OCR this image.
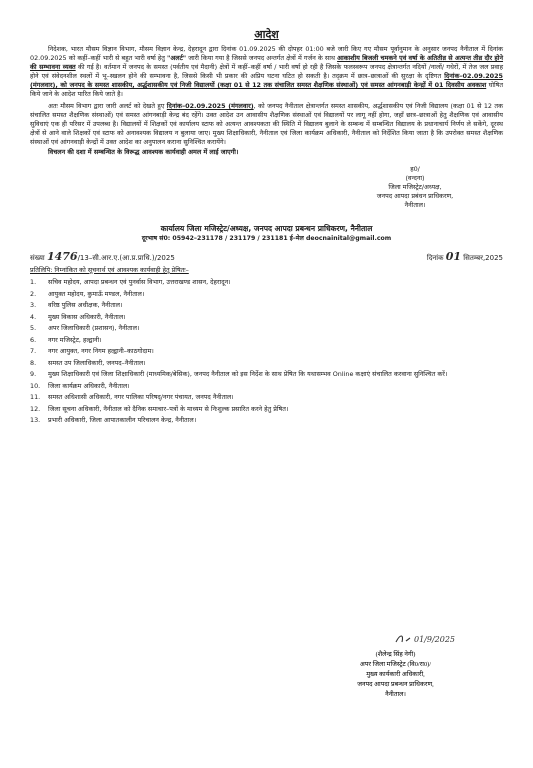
आदेश

निदेशक, भारत मौसम विज्ञान विभाग, मौसम विज्ञान केन्द्र, देहरादून द्वारा दिनांक 01.09.2025 की दोपहर 01:00 बजे जारी किए गए मौसम पूर्वानुमान के अनुसार जनपद नैनीताल में दिनांक 02.09.2025 को कहीं–कहीं भारी से बहुत भारी वर्षा हेतु "अलर्ट" जारी किया गया है जिससे जनपद अन्तर्गत क्षेत्रों में गर्जन के साथ आकाशीय बिजली चमकने एवं वर्षा के अतितीव्र से अत्यन्त तीव्र दौर होने की सम्भावना व्यक्त की गई है। वर्तमान में जनपद के समस्त (पर्वतीय एवं मैदानी) क्षेत्रों में कहीं–कहीं वर्षा / भारी वर्षा हो रही है जिसके फलस्वरूप जनपद क्षेत्रान्तर्गत नदियों /नालों/ गधेरों, में तेज जल प्रवाह होने एवं संवेदनशील स्थलों में भू–स्खलन होने की सम्भावना है, जिससे किसी भी प्रकार की अप्रिय घटना घटित हो सकती है। तद्‌क्रम में छात्र–छात्राओं की सुरक्षा के दृष्टिगत दिनांक–02.09.2025 (मंगलवार), को जनपद के समस्त शासकीय, अर्द्धशासकीय एवं निजी विद्यालयों (कक्षा 01 से 12 तक संचालित समस्त शैक्षणिक संस्थाओं) एवं समस्त आंगनबाड़ी केन्द्रों में 01 दिवसीय अवकाश घोषित किये जाने के आदेश पारित किये जाते है।

अतः मौसम विभाग द्वारा जारी अलर्ट को देखते हुए दिनांक–02.09.2025 (मंगलवार), को जनपद नैनीताल क्षेत्रान्तर्गत समस्त शासकीय, अर्द्धशासकीय एवं निजी विद्यालय (कक्षा 01 से 12 तक संचालित समस्त शैक्षणिक संस्थाओं) एवं समस्त आंगनबाड़ी केन्द्र बंद रहेंगे। उक्त आदेश उन आवासीय शैक्षणिक संस्थाओं एवं विद्यालयों पर लागू नहीं होगा, जहाँ छात्र–छात्राओं हेतु शैक्षणिक एवं आवासीय सुविधाएं एक ही परिसर में उपलब्ध है। विद्यालयों में शिक्षकों एवं कार्यालय स्टाफ को अत्यन्त आवश्यकता की स्थिति में विद्यालय बुलाने के सम्बन्ध में सम्बन्धित विद्यालय के प्रधानाचार्य निर्णय ले सकेंगे, दूरस्थ क्षेत्रों से आने वाले शिक्षकों एवं स्टाफ को अनावश्यक विद्यालय न बुलाया जाए। मुख्य शिक्षाधिकारी, नैनीताल एवं जिला कार्यक्रम अधिकारी, नैनीताल को निर्देशित किया जाता है कि उपरोक्त समस्त शैक्षणिक संस्थाओं एवं आंगनवाड़ी केन्द्रों में उक्त आदेश का अनुपालन कराना सुनिश्चित करायेंगे।

विचलन की दशा में सम्बन्धित के विरूद्ध आवश्यक कार्यवाही अमल में लाई जाएगी।

ह0/
(वन्दना)
जिला मजिस्ट्रेट/अध्यक्ष,
जनपद आपदा प्रबंधन प्राधिकरण,
नैनीताल।
कार्यालय जिला मजिस्ट्रेट/अध्यक्ष, जनपद आपदा प्रबन्धन प्राधिकरण, नैनीताल
दूरभाष सं0: 05942–231178 / 231179 / 231181 ई–मेल deocnainital@gmail.com
संख्या 1476/13–सी.आर.ए.(आ.प्र.प्राधि.)/2025	दिनांक 01 सितम्बर,2025
प्रतिलिपि: निम्नांकित को सूचनार्थ एवं आवश्यक कार्यवाही हेतु प्रेषितः–
1.	सचिव महोदय, आपदा प्रबन्धन एवं पुनर्वास विभाग, उत्तराखण्ड शासन, देहरादून।
2.	आयुक्त महोदय, कुमाऊँ मण्डल, नैनीताल।
3.	वरिष्ठ पुलिस अधीक्षक, नैनीताल।
4.	मुख्य विकास अधिकारी, नैनीताल।
5.	अपर जिलाधिकारी (प्रशासन), नैनीताल।
6.	नगर मजिस्ट्रेट, हल्द्वानी।
7.	नगर आयुक्त, नगर निगम हल्द्वानी–काठगोदाम।
8.	समस्त उप जिलाधिकारी, जनपद–नैनीताल।
9.	मुख्य शिक्षाधिकारी एवं जिला शिक्षाधिकारी (माध्यमिक/बेसिक), जनपद नैनीताल को इस निर्देश के साथ प्रेषित कि यथासम्भव Online कक्षाएं संचालित करवाना सुनिश्चित करें।
10.	जिला कार्यक्रम अधिकारी, नैनीताल।
11.	समस्त अधिशासी अधिकारी, नगर पालिका परिषद्/नगर पंचायत, जनपद नैनीताल।
12.	जिला सूचना अधिकारी, नैनीताल को दैनिक समाचार–पत्रों के माध्यम से निःशुल्क प्रसारित करने हेतु प्रेषित।
13.	प्रभारी अधिकारी, जिला आपातकालीन परिचालन केन्द्र, नैनीताल।
01/9/2025
(शैलेन्द्र सिंह नेगी)
अपर जिला मजिस्ट्रेट (वि0/रा0)/
मुख्य कार्यकारी अधिकारी,
जनपद आपदा प्रबन्धन प्राधिकरण,
नैनीताल।
